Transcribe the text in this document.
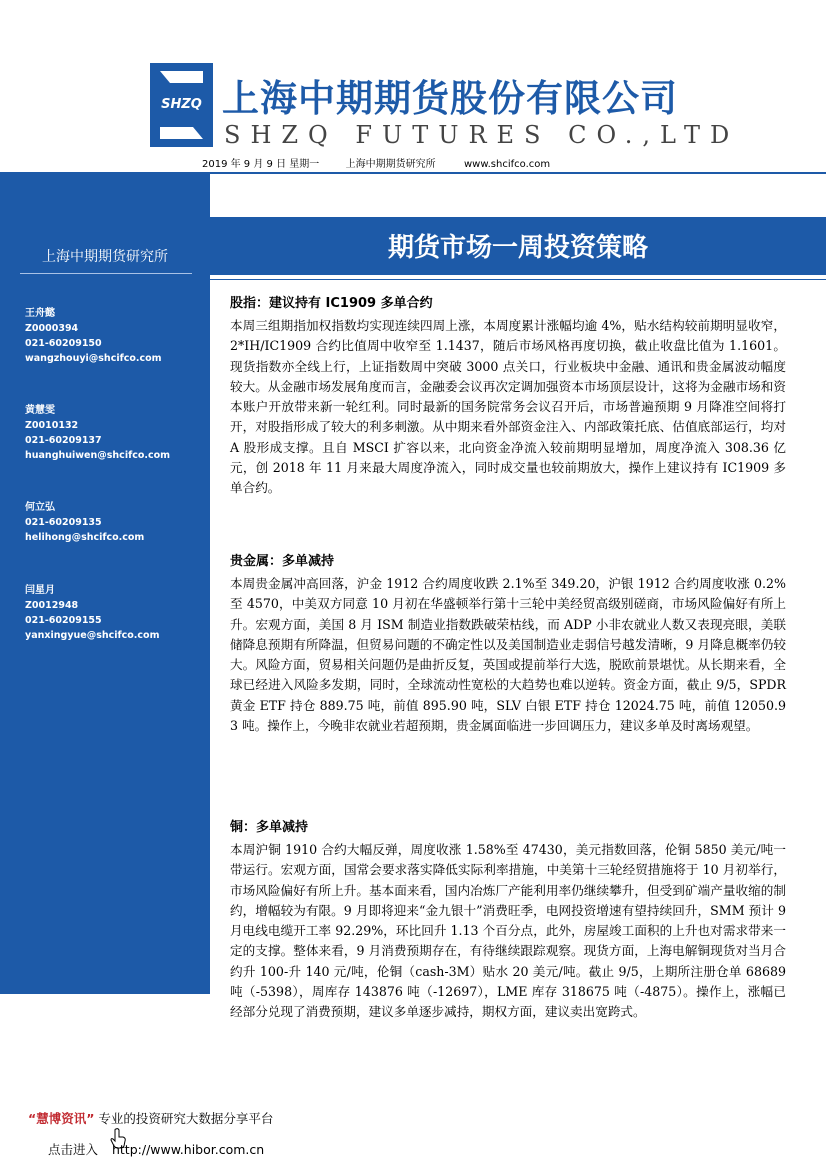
SHZQ 上海中期期货股份有限公司
SHZQ FUTURES CO.,LTD
2019 年 9 月 9 日 星期一	上海中期期货研究所	www.shcifco.com
上海中期期货研究所
王舟懿
Z0000394
021-60209150
wangzhouyi@shcifco.com
黄慧雯
Z0010132
021-60209137
huanghuiwen@shcifco.com
何立弘
021-60209135
helihong@shcifco.com
闫星月
Z0012948
021-60209155
yanxingyue@shcifco.com
期货市场一周投资策略
股指：建议持有 IC1909 多单合约
本周三组期指加权指数均实现连续四周上涨，本周度累计涨幅均逾 4%，贴水结构较前期明显收窄，2*IH/IC1909 合约比值周中收窄至 1.1437，随后市场风格再度切换，截止收盘比值为 1.1601。现货指数亦全线上行，上证指数周中突破 3000 点关口，行业板块中金融、通讯和贵金属波动幅度较大。从金融市场发展角度而言，金融委会议再次定调加强资本市场顶层设计，这将为金融市场和资本账户开放带来新一轮红利。同时最新的国务院常务会议召开后，市场普遍预期 9 月降准空间将打开，对股指形成了较大的利多刺激。从中期来看外部资金注入、内部政策托底、估值底部运行，均对 A 股形成支撑。且自 MSCI 扩容以来，北向资金净流入较前期明显增加，周度净流入 308.36 亿元，创 2018 年 11 月来最大周度净流入，同时成交量也较前期放大，操作上建议持有 IC1909 多单合约。
贵金属：多单减持
本周贵金属冲高回落，沪金 1912 合约周度收跌 2.1%至 349.20，沪银 1912 合约周度收涨 0.2%至 4570，中美双方同意 10 月初在华盛顿举行第十三轮中美经贸高级别磋商，市场风险偏好有所上升。宏观方面，美国 8 月 ISM 制造业指数跌破荣枯线，而 ADP 小非农就业人数又表现亮眼，美联储降息预期有所降温，但贸易问题的不确定性以及美国制造业走弱信号越发清晰，9 月降息概率仍较大。风险方面，贸易相关问题仍是曲折反复，英国或提前举行大选，脱欧前景堪忧。从长期来看，全球已经进入风险多发期，同时，全球流动性宽松的大趋势也难以逆转。资金方面，截止 9/5，SPDR 黄金 ETF 持仓 889.75 吨，前值 895.90 吨，SLV 白银 ETF 持仓 12024.75 吨，前值 12050.93 吨。操作上，今晚非农就业若超预期，贵金属面临进一步回调压力，建议多单及时离场观望。
铜：多单减持
本周沪铜 1910 合约大幅反弹，周度收涨 1.58%至 47430，美元指数回落，伦铜 5850 美元/吨一带运行。宏观方面，国常会要求落实降低实际利率措施，中美第十三轮经贸措施将于 10 月初举行，市场风险偏好有所上升。基本面来看，国内冶炼厂产能利用率仍继续攀升，但受到矿端产量收缩的制约，增幅较为有限。9 月即将迎来“金九银十”消费旺季，电网投资增速有望持续回升，SMM 预计 9 月电线电缆开工率 92.29%，环比回升 1.13 个百分点，此外，房屋竣工面积的上升也对需求带来一定的支撑。整体来看，9 月消费预期存在，有待继续跟踪观察。现货方面，上海电解铜现货对当月合约升 100-升 140 元/吨，伦铜（cash-3M）贴水 20 美元/吨。截止 9/5，上期所注册仓单 68689 吨（-5398），周库存 143876 吨（-12697），LME 库存 318675 吨（-4875）。操作上，涨幅已经部分兑现了消费预期，建议多单逐步减持，期权方面，建议卖出宽跨式。
“慧博资讯” 专业的投资研究大数据分享平台
点击进入 http://www.hibor.com.cn
